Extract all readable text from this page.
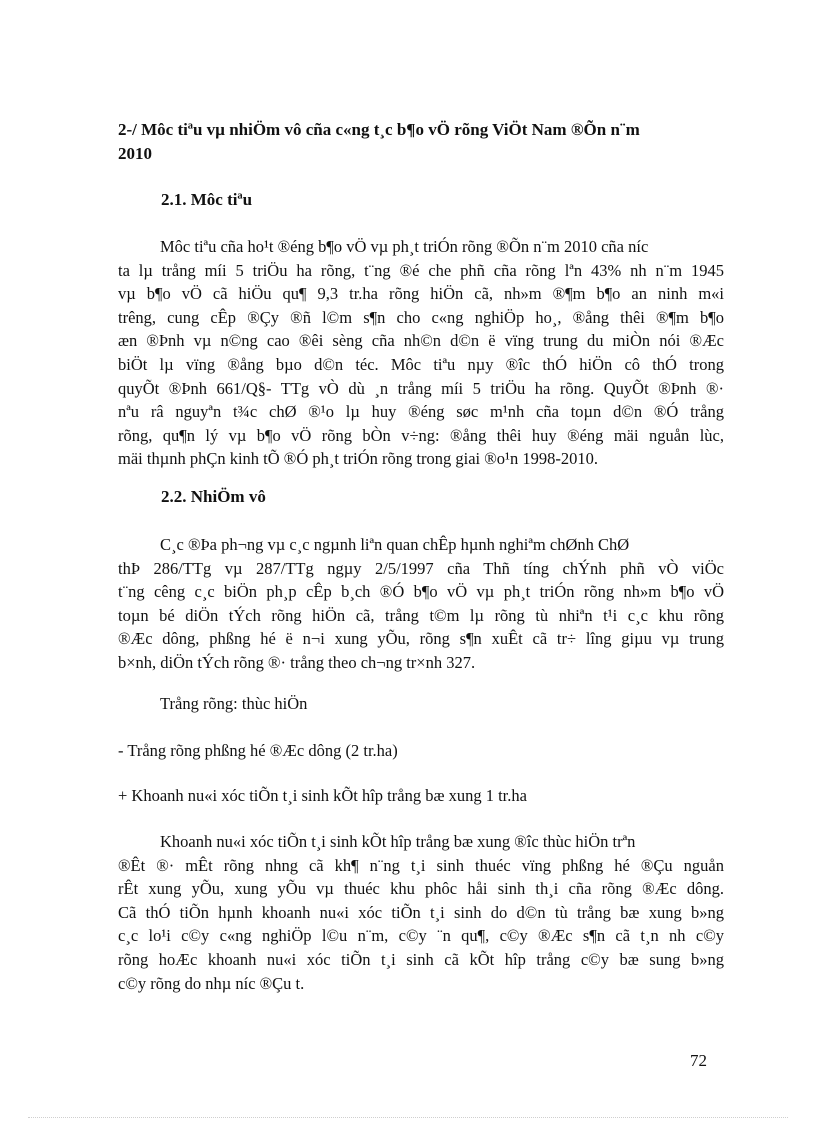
2-/ Môc tiªu vµ nhiÖm vô cña c«ng t¸c b¶o vÖ rõng ViÖt Nam ®Õn n¨m
2010
2.1. Môc tiªu

Môc tiªu cña ho¹t ®éng b¶o vÖ vµ ph¸t triÓn rõng ®Õn n¨m 2010 cña níc
ta lµ trång míi 5 triÖu ha rõng, t¨ng ®é che phñ cña rõng lªn 43% nh n¨m 1945
vµ b¶o vÖ cã hiÖu qu¶ 9,3 tr.ha rõng hiÖn cã, nh»m ®¶m b¶o an ninh m«i
trêng, cung cÊp ®Çy ®ñ l©m s¶n cho c«ng nghiÖp ho¸, ®ång thêi ®¶m b¶o
æn ®Þnh vµ n©ng cao ®êi sèng cña nh©n d©n ë vïng trung du miÒn nói ®Æc
biÖt lµ vïng ®ång bµo d©n téc. Môc tiªu nµy ®îc thÓ hiÖn cô thÓ trong
quyÕt ®Þnh 661/Q§- TTg vÒ dù ¸n trång míi 5 triÖu ha rõng. QuyÕt ®Þnh ®·
nªu râ nguyªn t¾c chØ ®¹o lµ huy ®éng søc m¹nh cña toµn d©n ®Ó trång
rõng, qu¶n lý vµ b¶o vÖ rõng bÒn v÷ng: ®ång thêi huy ®éng mäi nguån lùc,
mäi thµnh phÇn kinh tÕ ®Ó ph¸t triÓn rõng trong giai ®o¹n 1998-2010.

2.2. NhiÖm vô

C¸c ®Þa ph¬ng vµ c¸c ngµnh liªn quan chÊp hµnh nghiªm chØnh ChØ
thÞ 286/TTg vµ 287/TTg ngµy 2/5/1997 cña Thñ tíng chÝnh phñ vÒ viÖc
t¨ng cêng c¸c biÖn ph¸p cÊp b¸ch ®Ó b¶o vÖ vµ ph¸t triÓn rõng nh»m b¶o vÖ
toµn bé diÖn tÝch rõng hiÖn cã, trång t©m lµ rõng tù nhiªn t¹i c¸c khu rõng
®Æc dông, phßng hé ë n¬i xung yÕu, rõng s¶n xuÊt cã tr÷ lîng giµu vµ trung
b×nh, diÖn tÝch rõng ®· trång theo ch¬ng tr×nh 327.

Trång rõng: thùc hiÖn

- Trång rõng phßng hé ®Æc dông (2 tr.ha)

+ Khoanh nu«i xóc tiÕn t¸i sinh kÕt hîp trång bæ xung 1 tr.ha

Khoanh nu«i xóc tiÕn t¸i sinh kÕt hîp trång bæ xung ®îc thùc hiÖn trªn
®Êt ®· mÊt rõng nhng cã kh¶ n¨ng t¸i sinh thuéc vïng phßng hé ®Çu nguån
rÊt xung yÕu, xung yÕu vµ thuéc khu phôc håi sinh th¸i cña rõng ®Æc dông.
Cã thÓ tiÕn hµnh khoanh nu«i xóc tiÕn t¸i sinh do d©n tù trång bæ xung b»ng
c¸c lo¹i c©y c«ng nghiÖp l©u n¨m, c©y ¨n qu¶, c©y ®Æc s¶n cã t¸n nh c©y
rõng hoÆc khoanh nu«i xóc tiÕn t¸i sinh cã kÕt hîp trång c©y bæ sung b»ng
c©y rõng do nhµ níc ®Çu t.

72
